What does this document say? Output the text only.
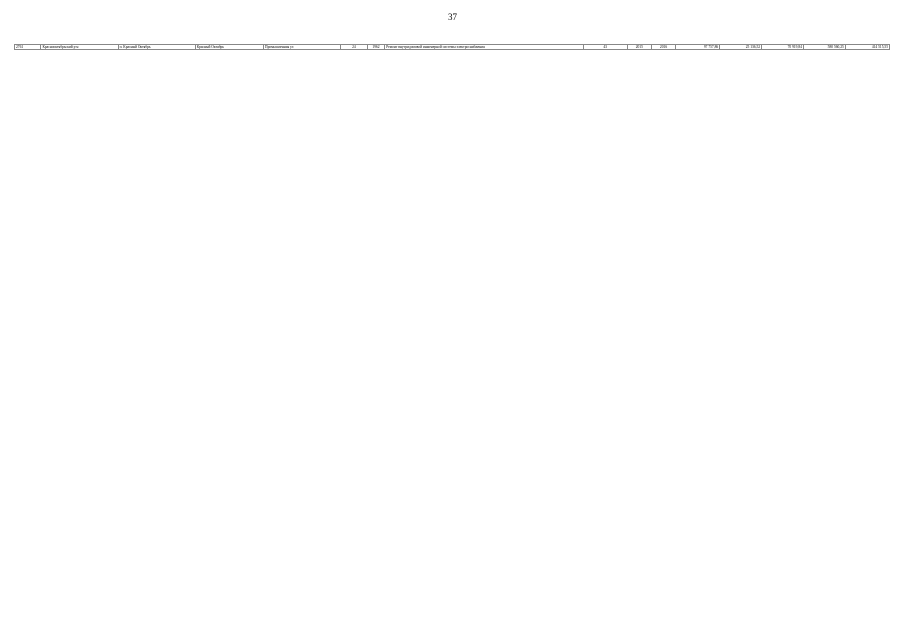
37
2761	Краснооктябрьский р-н	п. Красный Октябрь	Красный Октябрь	Промышленная ул	24	1962	Ремонт внутридомовой инженерной системы электроснабжения	43	2015	2016	97 757,86	25 136,52	70 919,84	580 560,25	414 515,55
